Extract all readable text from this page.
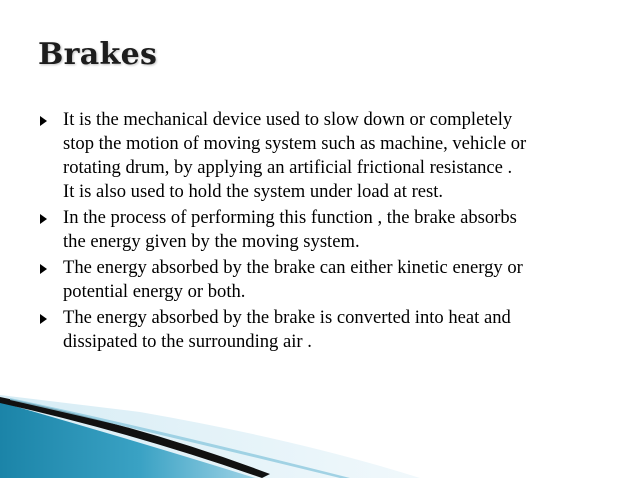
Brakes
It is the mechanical device used to slow down or completely
stop the motion of moving system such as machine, vehicle or
rotating drum, by applying an artificial frictional resistance .
It is also used to hold the system under load at rest.
In the process of performing this function , the brake absorbs
the energy given by the moving system.
The energy absorbed by the brake can either kinetic energy or
potential energy or both.
The energy absorbed by the brake is converted into heat and
dissipated to the surrounding air .
